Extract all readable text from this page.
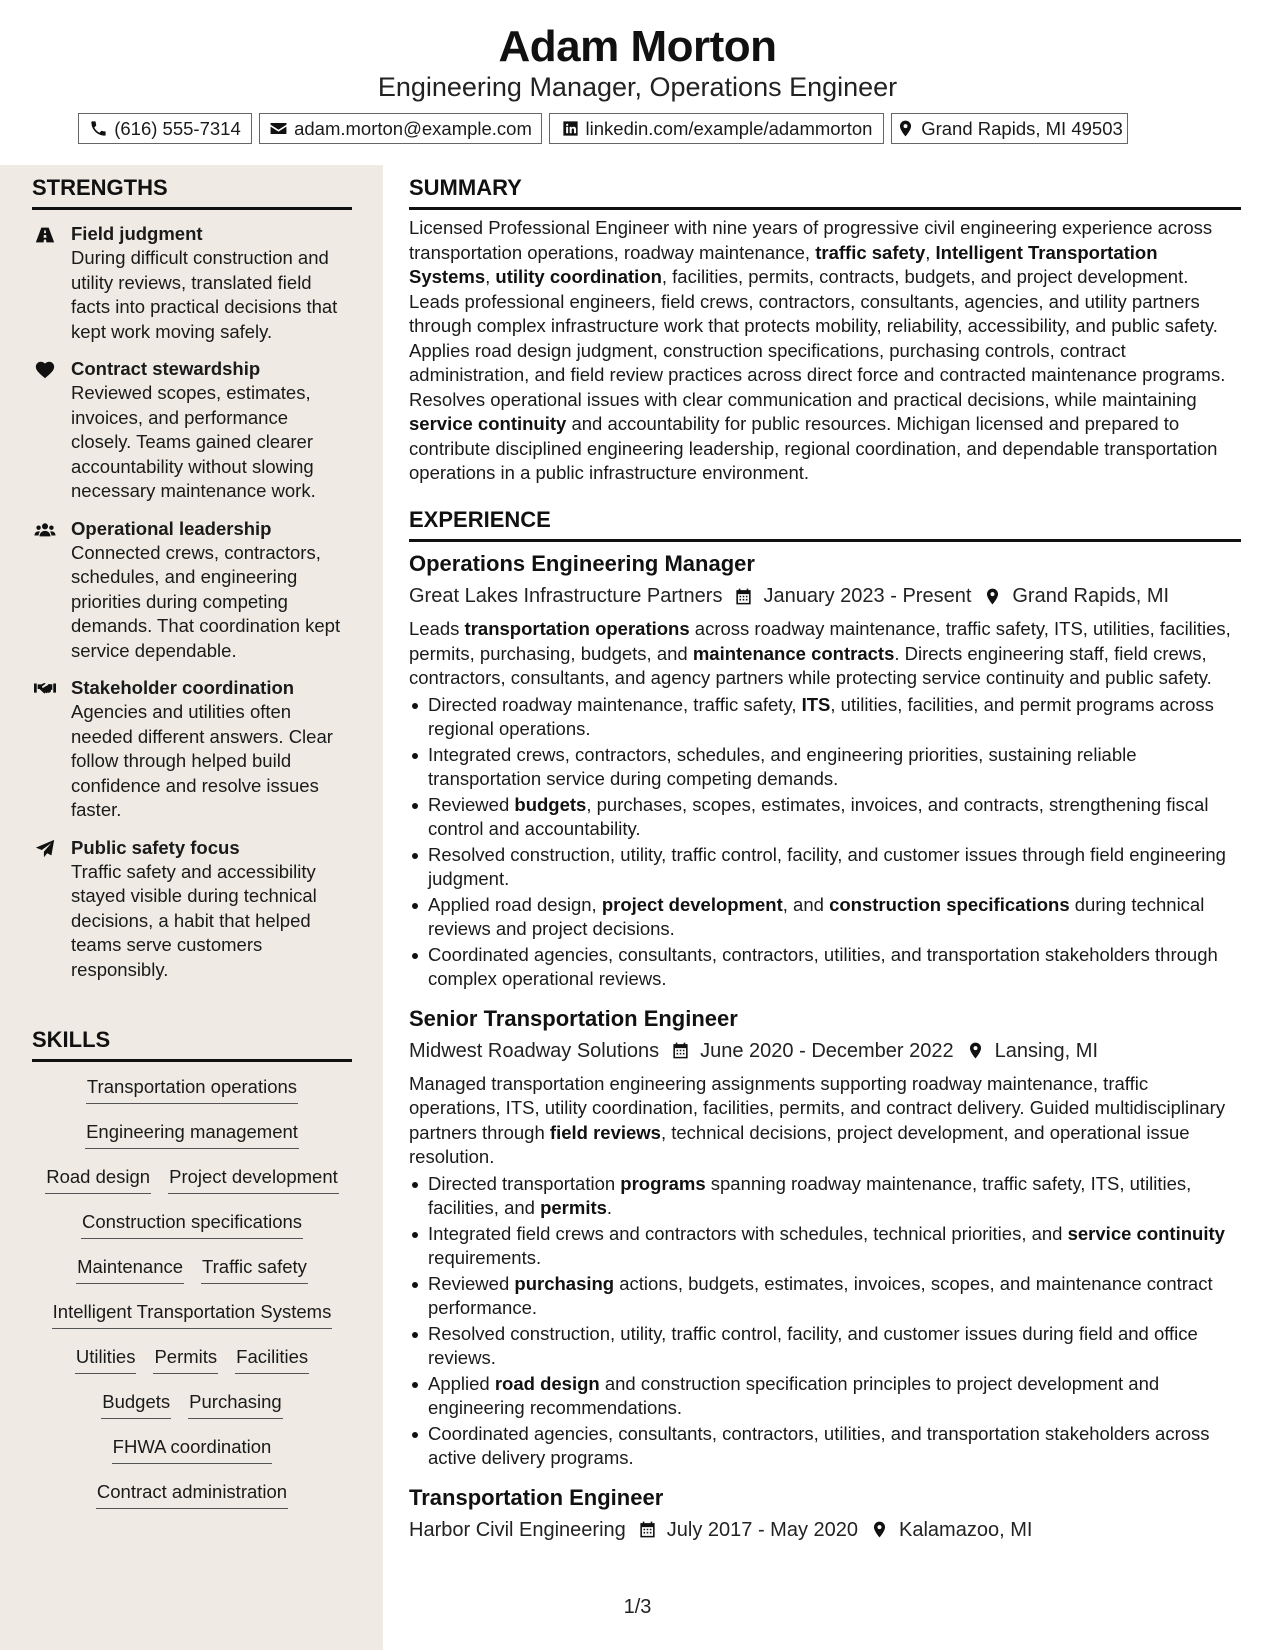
Adam Morton
Engineering Manager, Operations Engineer
(616) 555-7314	adam.morton@example.com	linkedin.com/example/adammorton	Grand Rapids, MI 49503
STRENGTHS
Field judgment
During difficult construction and utility reviews, translated field facts into practical decisions that kept work moving safely.
Contract stewardship
Reviewed scopes, estimates, invoices, and performance closely. Teams gained clearer accountability without slowing necessary maintenance work.
Operational leadership
Connected crews, contractors, schedules, and engineering priorities during competing demands. That coordination kept service dependable.
Stakeholder coordination
Agencies and utilities often needed different answers. Clear follow through helped build confidence and resolve issues faster.
Public safety focus
Traffic safety and accessibility stayed visible during technical decisions, a habit that helped teams serve customers responsibly.
SKILLS
Transportation operations
Engineering management
Road design Project development
Construction specifications
Maintenance Traffic safety
Intelligent Transportation Systems
Utilities Permits Facilities
Budgets Purchasing
FHWA coordination
Contract administration
SUMMARY
Licensed Professional Engineer with nine years of progressive civil engineering experience across transportation operations, roadway maintenance, traffic safety, Intelligent Transportation Systems, utility coordination, facilities, permits, contracts, budgets, and project development. Leads professional engineers, field crews, contractors, consultants, agencies, and utility partners through complex infrastructure work that protects mobility, reliability, accessibility, and public safety. Applies road design judgment, construction specifications, purchasing controls, contract administration, and field review practices across direct force and contracted maintenance programs. Resolves operational issues with clear communication and practical decisions, while maintaining service continuity and accountability for public resources. Michigan licensed and prepared to contribute disciplined engineering leadership, regional coordination, and dependable transportation operations in a public infrastructure environment.
EXPERIENCE
Operations Engineering Manager
Great Lakes Infrastructure Partners January 2023 - Present Grand Rapids, MI
Leads transportation operations across roadway maintenance, traffic safety, ITS, utilities, facilities, permits, purchasing, budgets, and maintenance contracts. Directs engineering staff, field crews, contractors, consultants, and agency partners while protecting service continuity and public safety.
Directed roadway maintenance, traffic safety, ITS, utilities, facilities, and permit programs across regional operations.
Integrated crews, contractors, schedules, and engineering priorities, sustaining reliable transportation service during competing demands.
Reviewed budgets, purchases, scopes, estimates, invoices, and contracts, strengthening fiscal control and accountability.
Resolved construction, utility, traffic control, facility, and customer issues through field engineering judgment.
Applied road design, project development, and construction specifications during technical reviews and project decisions.
Coordinated agencies, consultants, contractors, utilities, and transportation stakeholders through complex operational reviews.
Senior Transportation Engineer
Midwest Roadway Solutions June 2020 - December 2022 Lansing, MI
Managed transportation engineering assignments supporting roadway maintenance, traffic operations, ITS, utility coordination, facilities, permits, and contract delivery. Guided multidisciplinary partners through field reviews, technical decisions, project development, and operational issue resolution.
Directed transportation programs spanning roadway maintenance, traffic safety, ITS, utilities, facilities, and permits.
Integrated field crews and contractors with schedules, technical priorities, and service continuity requirements.
Reviewed purchasing actions, budgets, estimates, invoices, scopes, and maintenance contract performance.
Resolved construction, utility, traffic control, facility, and customer issues during field and office reviews.
Applied road design and construction specification principles to project development and engineering recommendations.
Coordinated agencies, consultants, contractors, utilities, and transportation stakeholders across active delivery programs.
Transportation Engineer
Harbor Civil Engineering July 2017 - May 2020 Kalamazoo, MI
1/3
